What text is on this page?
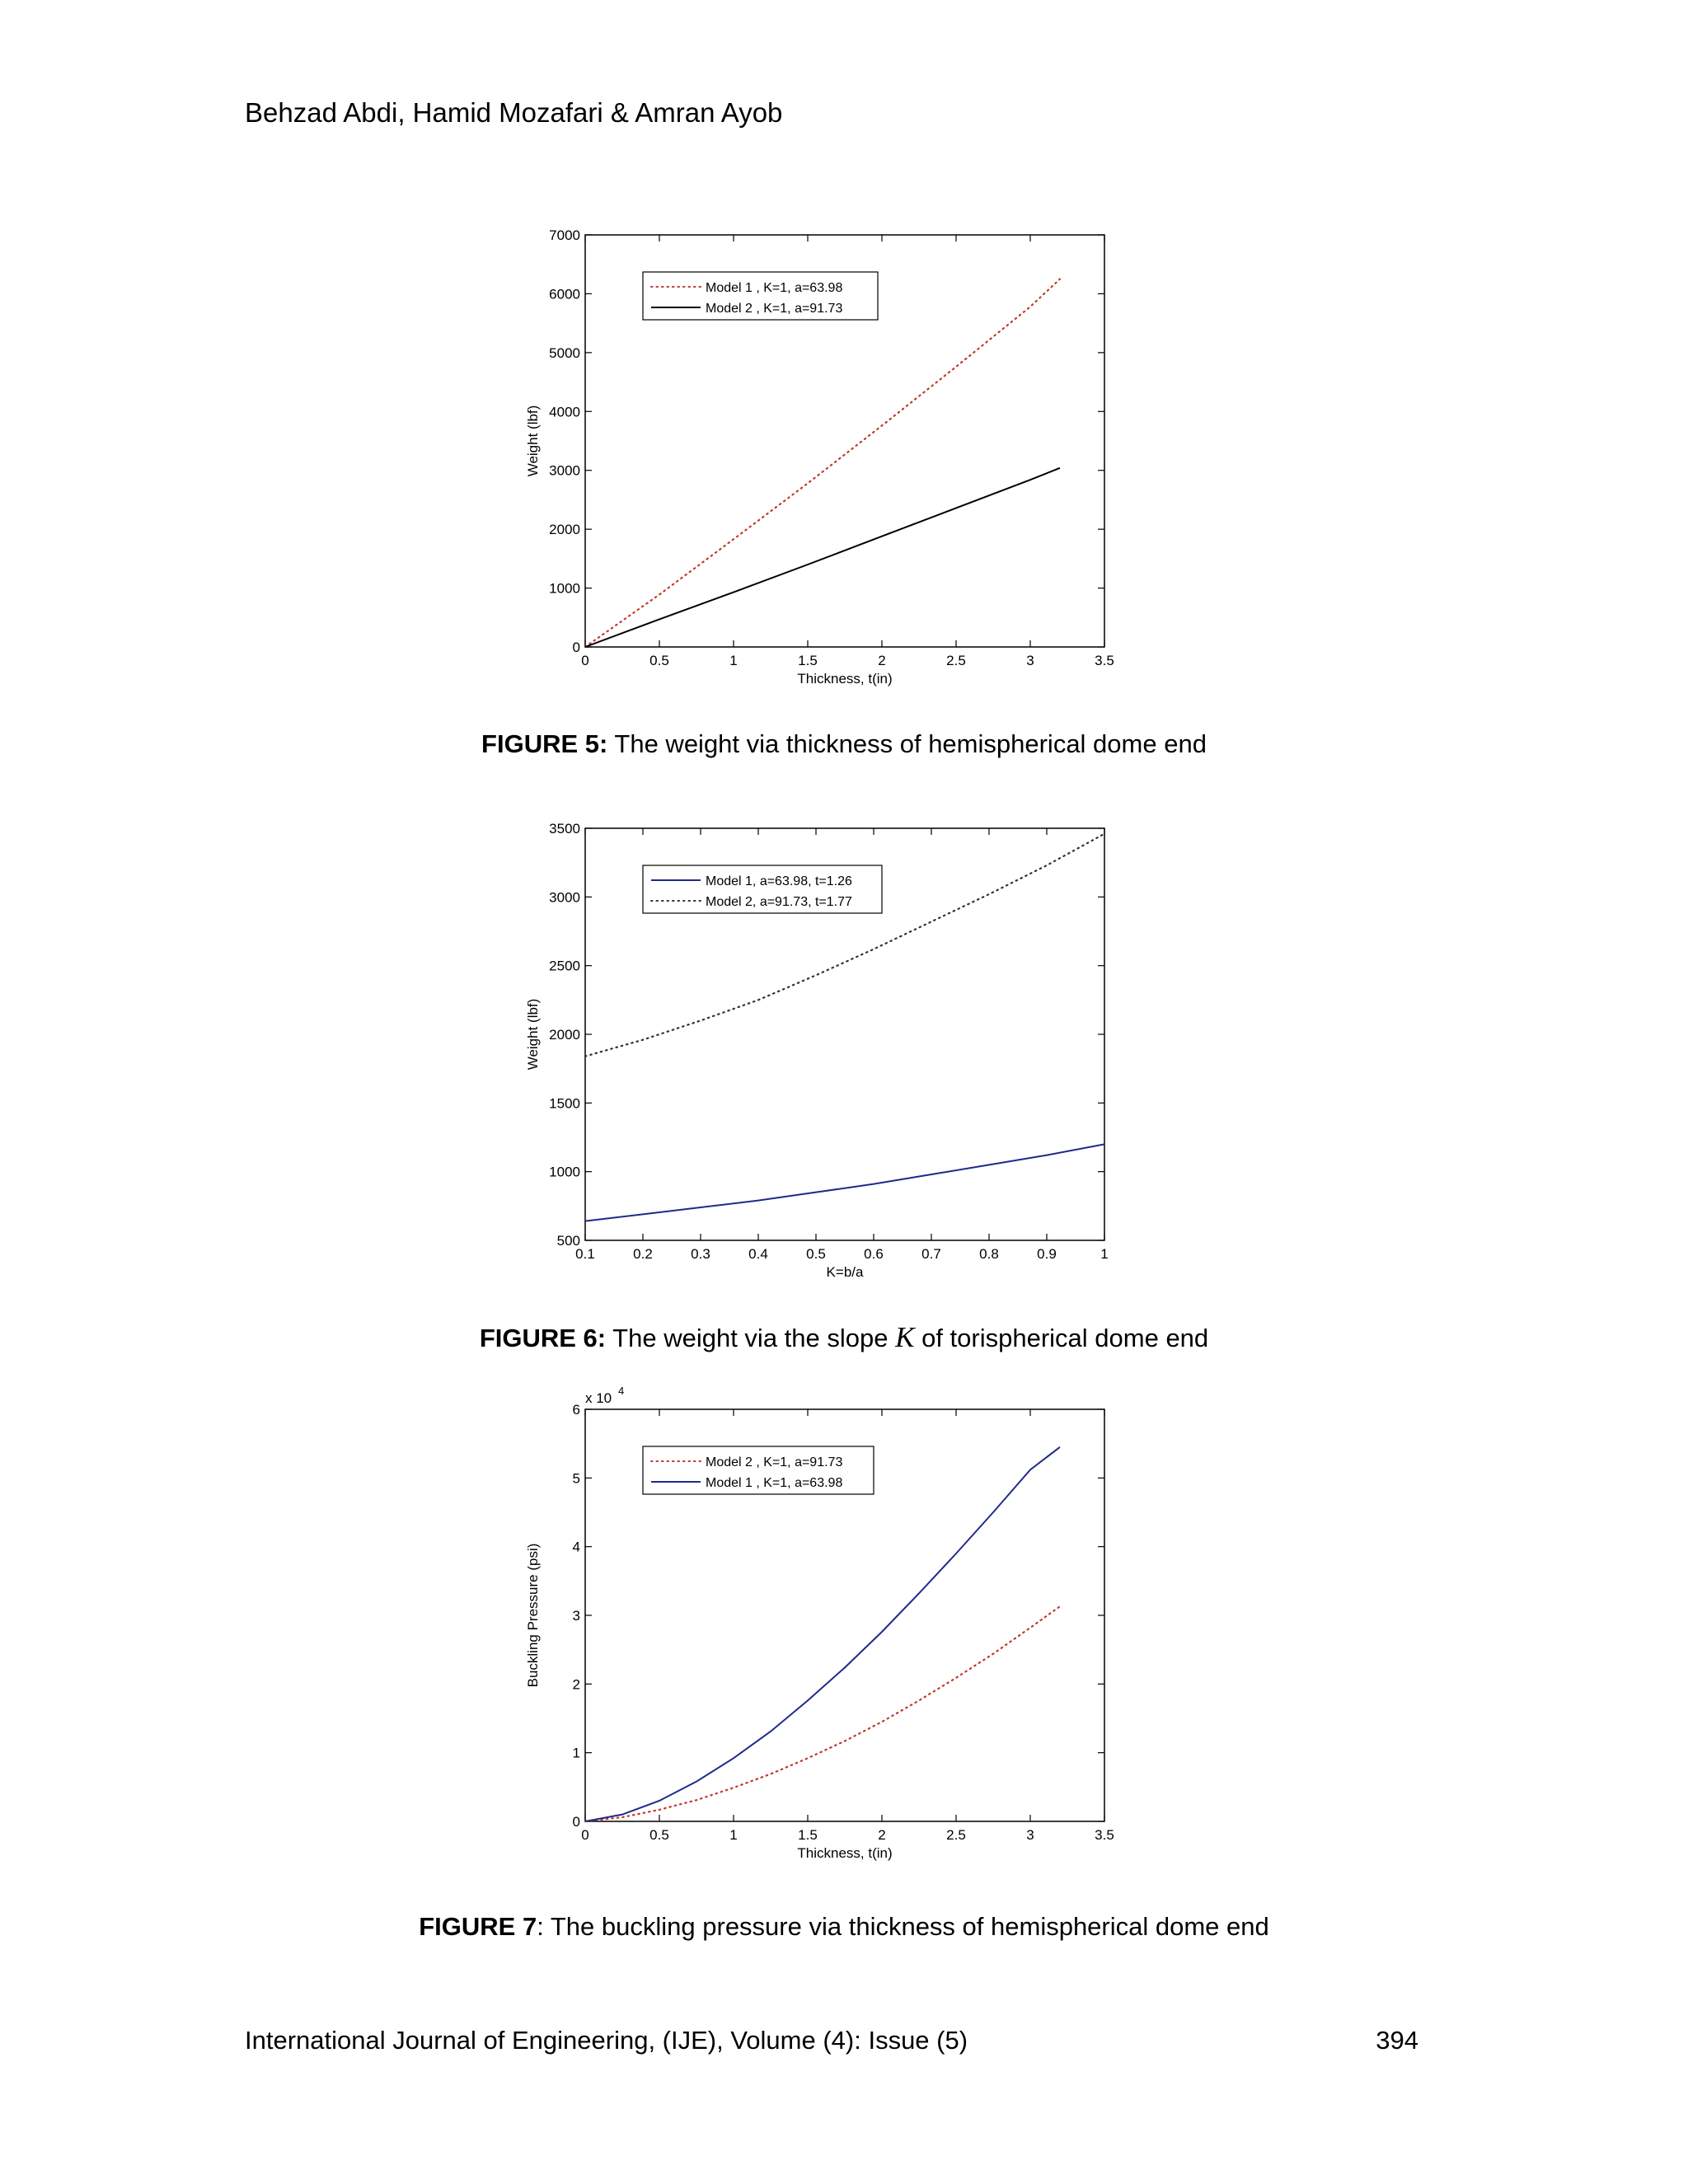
Behzad Abdi, Hamid Mozafari & Amran Ayob
0	0.5	1	1.5	2	2.5	3	3.5
0
1000
2000
3000
4000
5000
6000
7000
Thickness, t(in)
Weight (lbf)
Model 1 , K=1, a=63.98
Model 2 , K=1, a=91.73
FIGURE 5: The weight via thickness of hemispherical dome end
0.1	0.2	0.3	0.4	0.5	0.6	0.7	0.8	0.9	1
500
1000
1500
2000
2500
3000
3500
K=b/a
Weight (lbf)
Model 1, a=63.98, t=1.26
Model 2, a=91.73, t=1.77
FIGURE 6: The weight via the slope K of torispherical dome end
0	0.5	1	1.5	2	2.5	3	3.5
0
1
2
3
4
5
6
Thickness, t(in)
Buckling Pressure (psi)
x 10 4
Model 2 , K=1, a=91.73
Model 1 , K=1, a=63.98
FIGURE 7: The buckling pressure via thickness of hemispherical dome end
International Journal of Engineering, (IJE), Volume (4): Issue (5)	394
